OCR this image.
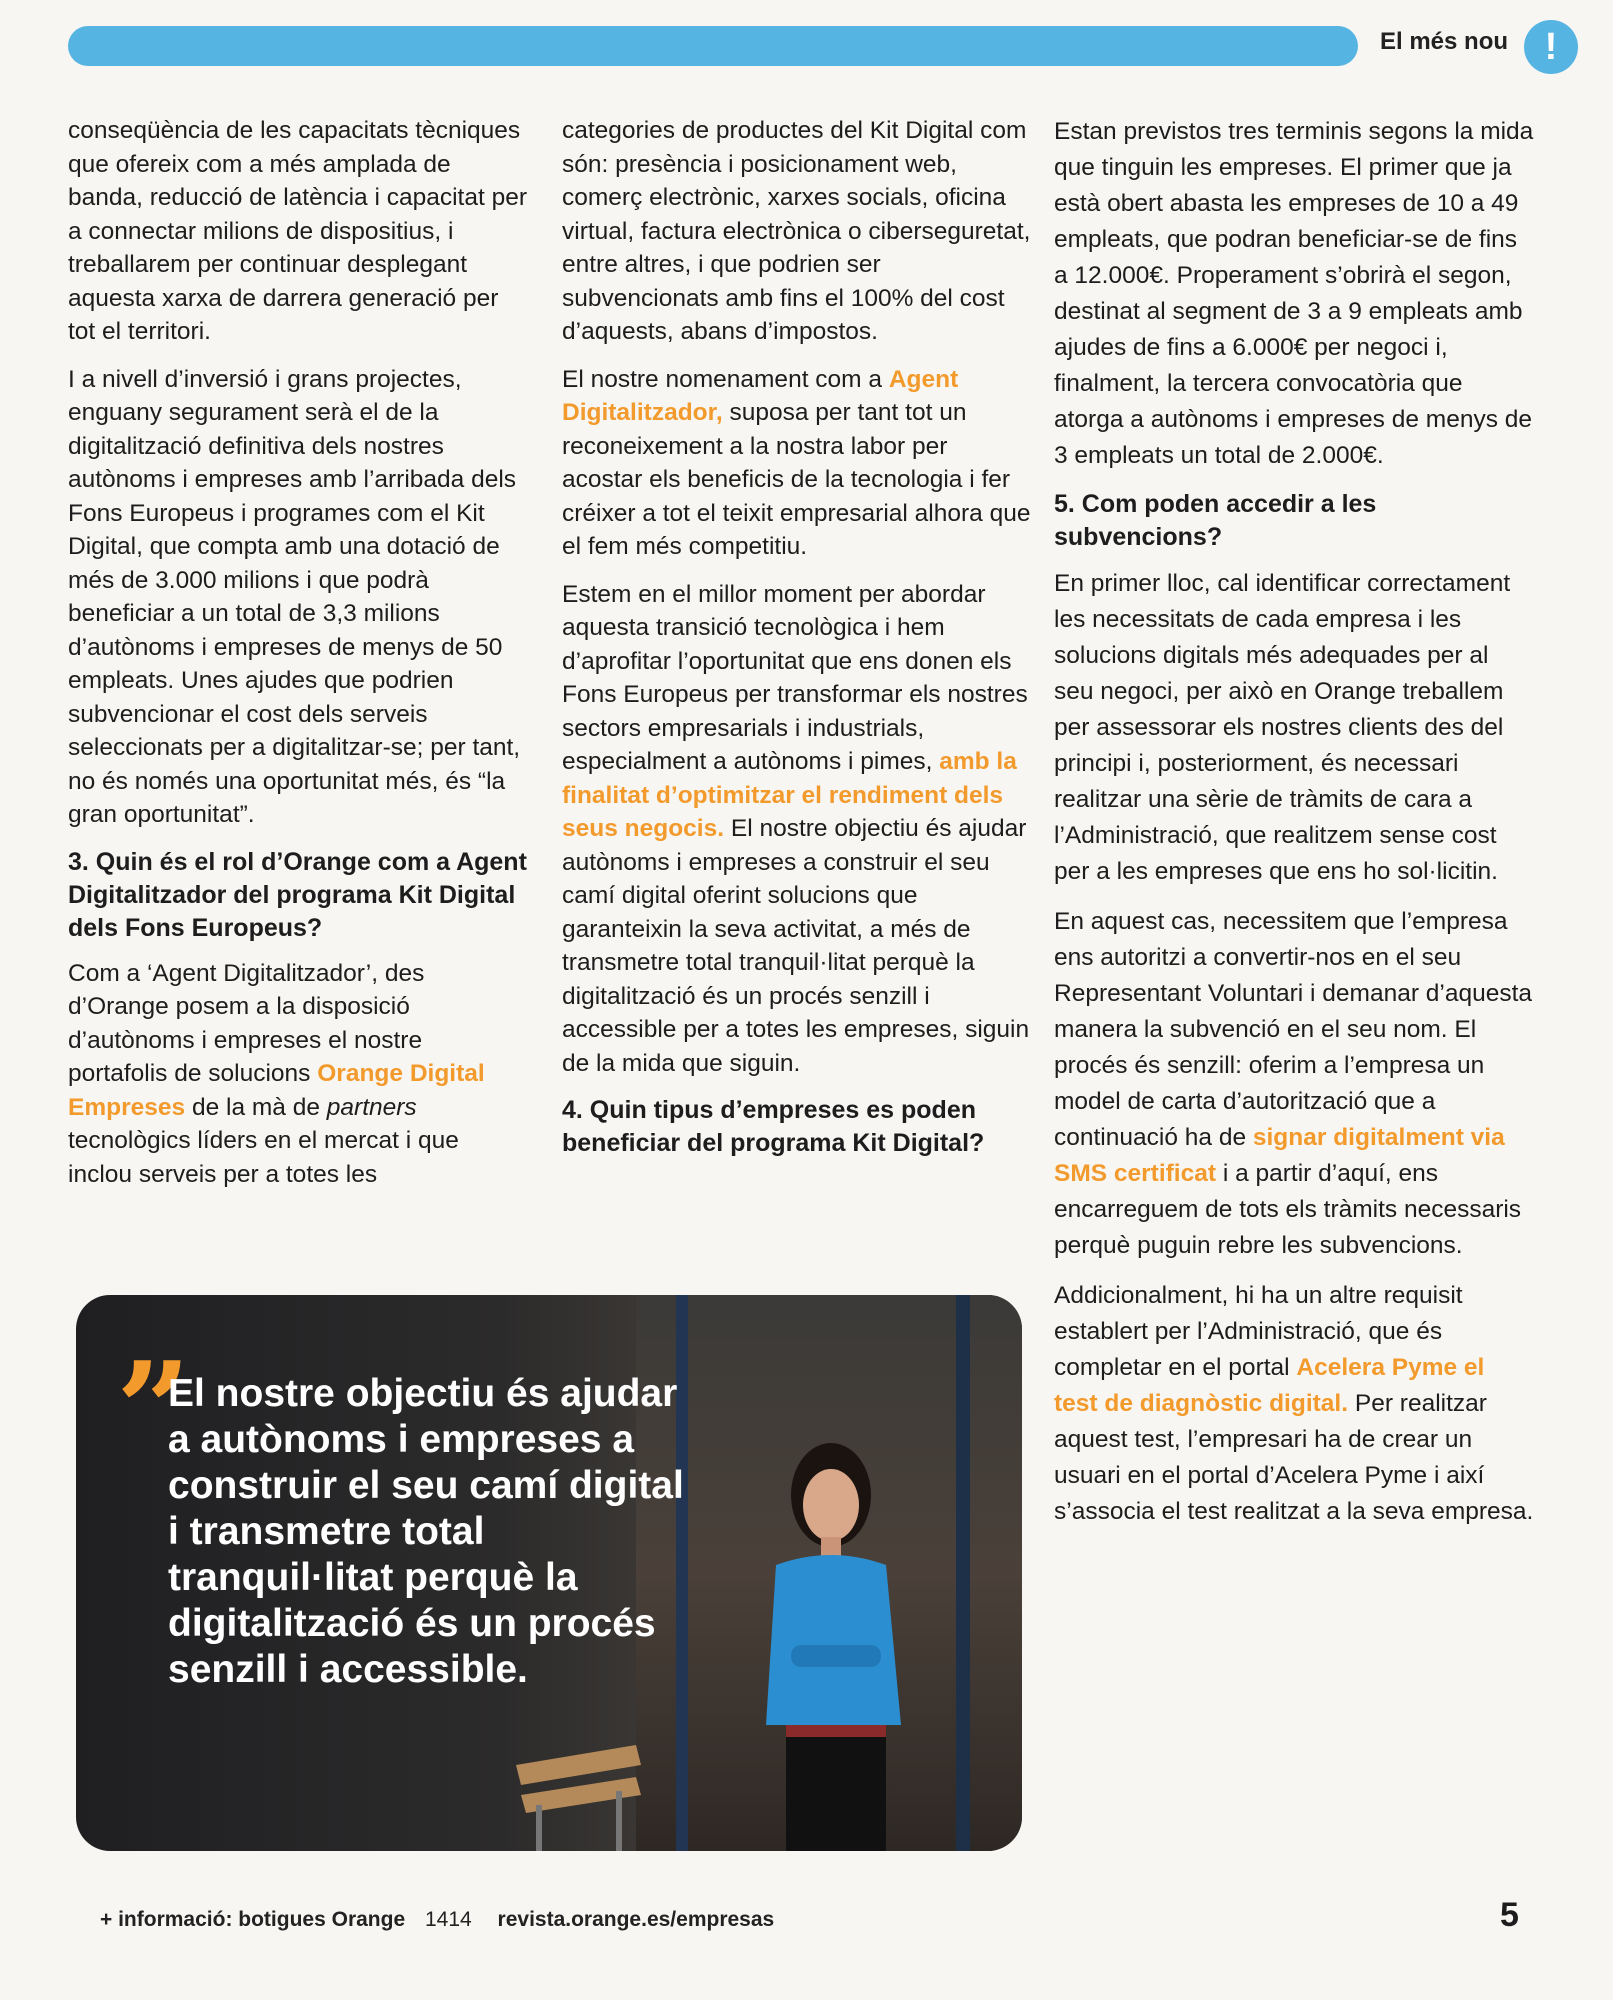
El més nou !

conseqüència de les capacitats tècniques que ofereix com a més amplada de banda, reducció de latència i capacitat per a connectar milions de dispositius, i treballarem per continuar desplegant aquesta xarxa de darrera generació per tot el territori.

I a nivell d’inversió i grans projectes, enguany segurament serà el de la digitalització definitiva dels nostres autònoms i empreses amb l’arribada dels Fons Europeus i programes com el Kit Digital, que compta amb una dotació de més de 3.000 milions i que podrà beneficiar a un total de 3,3 milions d’autònoms i empreses de menys de 50 empleats. Unes ajudes que podrien subvencionar el cost dels serveis seleccionats per a digitalitzar-se; per tant, no és només una oportunitat més, és “la gran oportunitat”.

3. Quin és el rol d’Orange com a Agent Digitalitzador del programa Kit Digital dels Fons Europeus?

Com a ‘Agent Digitalitzador’, des d’Orange posem a la disposició d’autònoms i empreses el nostre portafolis de solucions Orange Digital Empreses de la mà de partners tecnològics líders en el mercat i que inclou serveis per a totes les

categories de productes del Kit Digital com són: presència i posicionament web, comerç electrònic, xarxes socials, oficina virtual, factura electrònica o ciberseguretat, entre altres, i que podrien ser subvencionats amb fins el 100% del cost d’aquests, abans d’impostos.

El nostre nomenament com a Agent Digitalitzador, suposa per tant tot un reconeixement a la nostra labor per acostar els beneficis de la tecnologia i fer créixer a tot el teixit empresarial alhora que el fem més competitiu.

Estem en el millor moment per abordar aquesta transició tecnològica i hem d’aprofitar l’oportunitat que ens donen els Fons Europeus per transformar els nostres sectors empresarials i industrials, especialment a autònoms i pimes, amb la finalitat d’optimitzar el rendiment dels seus negocis. El nostre objectiu és ajudar autònoms i empreses a construir el seu camí digital oferint solucions que garanteixin la seva activitat, a més de transmetre total tranquil·litat perquè la digitalització és un procés senzill i accessible per a totes les empreses, siguin de la mida que siguin.

4. Quin tipus d’empreses es poden beneficiar del programa Kit Digital?

Estan previstos tres terminis segons la mida que tinguin les empreses. El primer que ja està obert abasta les empreses de 10 a 49 empleats, que podran beneficiar-se de fins a 12.000€. Properament s’obrirà el segon, destinat al segment de 3 a 9 empleats amb ajudes de fins a 6.000€ per negoci i, finalment, la tercera convocatòria que atorga a autònoms i empreses de menys de 3 empleats un total de 2.000€.

5. Com poden accedir a les subvencions?

En primer lloc, cal identificar correctament les necessitats de cada empresa i les solucions digitals més adequades per al seu negoci, per això en Orange treballem per assessorar els nostres clients des del principi i, posteriorment, és necessari realitzar una sèrie de tràmits de cara a l’Administració, que realitzem sense cost per a les empreses que ens ho sol·licitin.

En aquest cas, necessitem que l’empresa ens autoritzi a convertir-nos en el seu Representant Voluntari i demanar d’aquesta manera la subvenció en el seu nom. El procés és senzill: oferim a l’empresa un model de carta d’autorització que a continuació ha de signar digitalment via SMS certificat i a partir d’aquí, ens encarreguem de tots els tràmits necessaris perquè puguin rebre les subvencions.

Addicionalment, hi ha un altre requisit establert per l’Administració, que és completar en el portal Acelera Pyme el test de diagnòstic digital. Per realitzar aquest test, l’empresari ha de crear un usuari en el portal d’Acelera Pyme i així s’associa el test realitzat a la seva empresa.

”
El nostre objectiu és ajudar a autònoms i empreses a construir el seu camí digital i transmetre total tranquil·litat perquè la digitalització és un procés senzill i accessible.
+ informació: botigues Orange 1414 revista.orange.es/empresas	5
